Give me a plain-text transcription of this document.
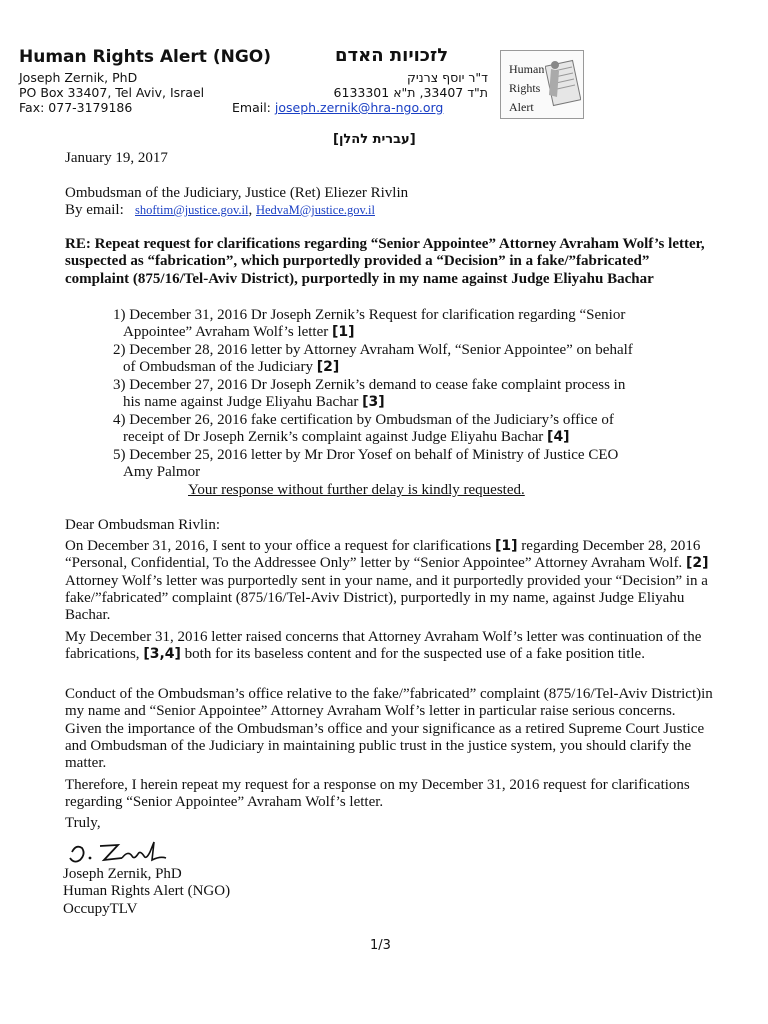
Human Rights Alert (NGO)	לזכויות האדם
Joseph Zernik, PhD
PO Box 33407, Tel Aviv, Israel
Fax: 077-3179186
ד"ר יוסף צרניק
ת"ד 33407, ת"א 6133301
Email: joseph.zernik@hra-ngo.org
Human
Rights
Alert
[עברית להלן]
January 19, 2017
Ombudsman of the Judiciary, Justice (Ret) Eliezer Rivlin
By email: shoftim@justice.gov.il, HedvaM@justice.gov.il
RE: Repeat request for clarifications regarding “Senior Appointee” Attorney Avraham Wolf’s letter, suspected as “fabrication”, which purportedly provided a “Decision” in a fake/”fabricated” complaint (875/16/Tel-Aviv District), purportedly in my name against Judge Eliyahu Bachar
1) December 31, 2016 Dr Joseph Zernik’s Request for clarification regarding “Senior
Appointee” Avraham Wolf’s letter [1]
2) December 28, 2016 letter by Attorney Avraham Wolf, “Senior Appointee” on behalf
of Ombudsman of the Judiciary [2]
3) December 27, 2016 Dr Joseph Zernik’s demand to cease fake complaint process in
his name against Judge Eliyahu Bachar [3]
4) December 26, 2016 fake certification by Ombudsman of the Judiciary’s office of
receipt of Dr Joseph Zernik’s complaint against Judge Eliyahu Bachar [4]
5) December 25, 2016 letter by Mr Dror Yosef on behalf of Ministry of Justice CEO
Amy Palmor
Your response without further delay is kindly requested.
Dear Ombudsman Rivlin:
On December 31, 2016, I sent to your office a request for clarifications [1] regarding December 28, 2016 “Personal, Confidential, To the Addressee Only” letter by “Senior Appointee” Attorney Avraham Wolf. [2] Attorney Wolf’s letter was purportedly sent in your name, and it purportedly provided your “Decision” in a fake/”fabricated” complaint (875/16/Tel-Aviv District), purportedly in my name, against Judge Eliyahu Bachar.
My December 31, 2016 letter raised concerns that Attorney Avraham Wolf’s letter was continuation of the fabrications, [3,4] both for its baseless content and for the suspected use of a fake position title.
Conduct of the Ombudsman’s office relative to the fake/”fabricated” complaint (875/16/Tel-Aviv District)in my name and “Senior Appointee” Attorney Avraham Wolf’s letter in particular raise serious concerns. Given the importance of the Ombudsman’s office and your significance as a retired Supreme Court Justice and Ombudsman of the Judiciary in maintaining public trust in the justice system, you should clarify the matter.
Therefore, I herein repeat my request for a response on my December 31, 2016 request for clarifications regarding “Senior Appointee” Avraham Wolf’s letter.
Truly,
Joseph Zernik, PhD
Human Rights Alert (NGO)
OccupyTLV
1/3
